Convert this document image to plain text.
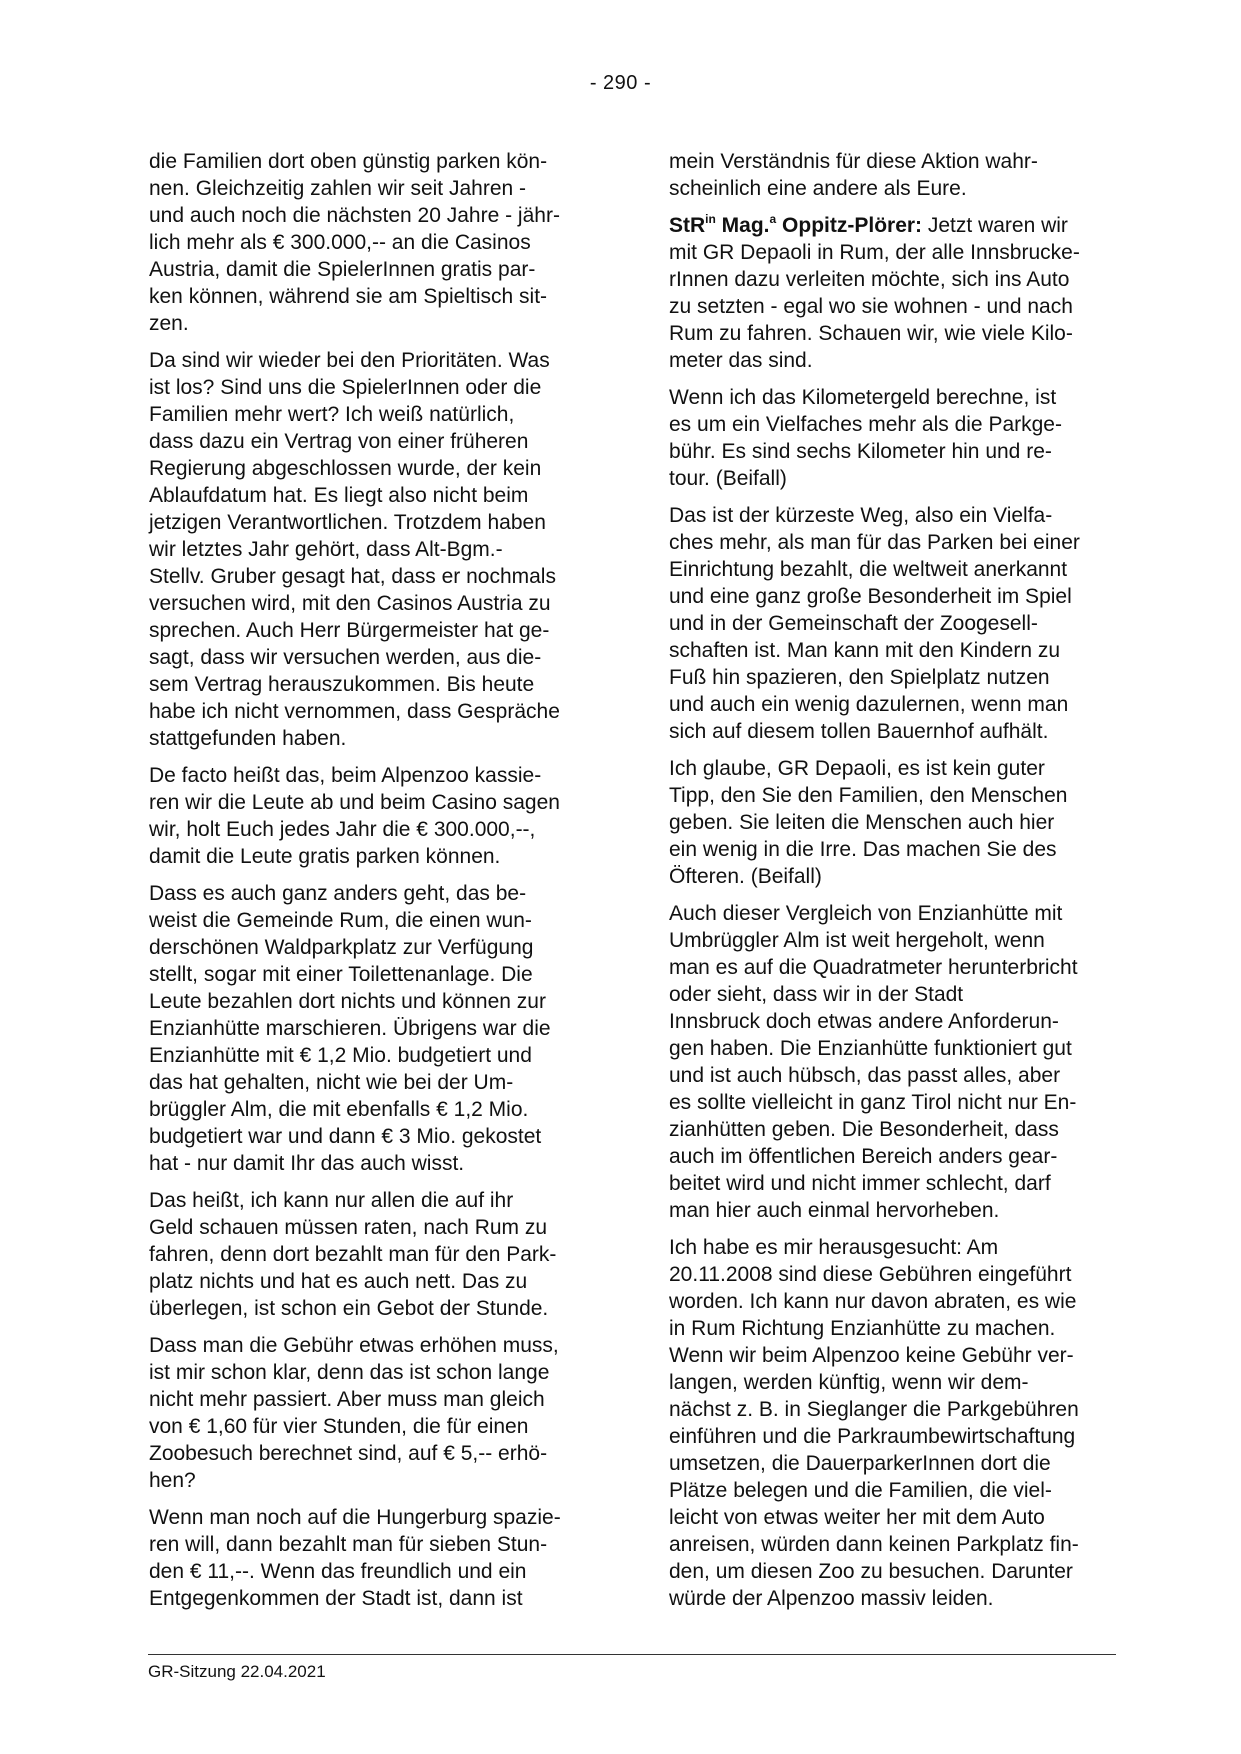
- 290 -

die Familien dort oben günstig parken kön-
nen. Gleichzeitig zahlen wir seit Jahren -
und auch noch die nächsten 20 Jahre - jähr-
lich mehr als € 300.000,-- an die Casinos
Austria, damit die SpielerInnen gratis par-
ken können, während sie am Spieltisch sit-
zen.

Da sind wir wieder bei den Prioritäten. Was
ist los? Sind uns die SpielerInnen oder die
Familien mehr wert? Ich weiß natürlich,
dass dazu ein Vertrag von einer früheren
Regierung abgeschlossen wurde, der kein
Ablaufdatum hat. Es liegt also nicht beim
jetzigen Verantwortlichen. Trotzdem haben
wir letztes Jahr gehört, dass Alt-Bgm.-
Stellv. Gruber gesagt hat, dass er nochmals
versuchen wird, mit den Casinos Austria zu
sprechen. Auch Herr Bürgermeister hat ge-
sagt, dass wir versuchen werden, aus die-
sem Vertrag herauszukommen. Bis heute
habe ich nicht vernommen, dass Gespräche
stattgefunden haben.

De facto heißt das, beim Alpenzoo kassie-
ren wir die Leute ab und beim Casino sagen
wir, holt Euch jedes Jahr die € 300.000,--,
damit die Leute gratis parken können.

Dass es auch ganz anders geht, das be-
weist die Gemeinde Rum, die einen wun-
derschönen Waldparkplatz zur Verfügung
stellt, sogar mit einer Toilettenanlage. Die
Leute bezahlen dort nichts und können zur
Enzianhütte marschieren. Übrigens war die
Enzianhütte mit € 1,2 Mio. budgetiert und
das hat gehalten, nicht wie bei der Um-
brüggler Alm, die mit ebenfalls € 1,2 Mio.
budgetiert war und dann € 3 Mio. gekostet
hat - nur damit Ihr das auch wisst.

Das heißt, ich kann nur allen die auf ihr
Geld schauen müssen raten, nach Rum zu
fahren, denn dort bezahlt man für den Park-
platz nichts und hat es auch nett. Das zu
überlegen, ist schon ein Gebot der Stunde.

Dass man die Gebühr etwas erhöhen muss,
ist mir schon klar, denn das ist schon lange
nicht mehr passiert. Aber muss man gleich
von € 1,60 für vier Stunden, die für einen
Zoobesuch berechnet sind, auf € 5,-- erhö-
hen?

Wenn man noch auf die Hungerburg spazie-
ren will, dann bezahlt man für sieben Stun-
den € 11,--. Wenn das freundlich und ein
Entgegenkommen der Stadt ist, dann ist

mein Verständnis für diese Aktion wahr-
scheinlich eine andere als Eure.

StR$^{in}$ Mag.$^a$ Oppitz-Plörer: Jetzt waren wir
mit GR Depaoli in Rum, der alle Innsbrucke-
rInnen dazu verleiten möchte, sich ins Auto
zu setzten - egal wo sie wohnen - und nach
Rum zu fahren. Schauen wir, wie viele Kilo-
meter das sind.

Wenn ich das Kilometergeld berechne, ist
es um ein Vielfaches mehr als die Parkge-
bühr. Es sind sechs Kilometer hin und re-
tour. (Beifall)

Das ist der kürzeste Weg, also ein Vielfa-
ches mehr, als man für das Parken bei einer
Einrichtung bezahlt, die weltweit anerkannt
und eine ganz große Besonderheit im Spiel
und in der Gemeinschaft der Zoogesell-
schaften ist. Man kann mit den Kindern zu
Fuß hin spazieren, den Spielplatz nutzen
und auch ein wenig dazulernen, wenn man
sich auf diesem tollen Bauernhof aufhält.

Ich glaube, GR Depaoli, es ist kein guter
Tipp, den Sie den Familien, den Menschen
geben. Sie leiten die Menschen auch hier
ein wenig in die Irre. Das machen Sie des
Öfteren. (Beifall)

Auch dieser Vergleich von Enzianhütte mit
Umbrüggler Alm ist weit hergeholt, wenn
man es auf die Quadratmeter herunterbricht
oder sieht, dass wir in der Stadt
Innsbruck doch etwas andere Anforderun-
gen haben. Die Enzianhütte funktioniert gut
und ist auch hübsch, das passt alles, aber
es sollte vielleicht in ganz Tirol nicht nur En-
zianhütten geben. Die Besonderheit, dass
auch im öffentlichen Bereich anders gear-
beitet wird und nicht immer schlecht, darf
man hier auch einmal hervorheben.

Ich habe es mir herausgesucht: Am
20.11.2008 sind diese Gebühren eingeführt
worden. Ich kann nur davon abraten, es wie
in Rum Richtung Enzianhütte zu machen.
Wenn wir beim Alpenzoo keine Gebühr ver-
langen, werden künftig, wenn wir dem-
nächst z. B. in Sieglanger die Parkgebühren
einführen und die Parkraumbewirtschaftung
umsetzen, die DauerparkerInnen dort die
Plätze belegen und die Familien, die viel-
leicht von etwas weiter her mit dem Auto
anreisen, würden dann keinen Parkplatz fin-
den, um diesen Zoo zu besuchen. Darunter
würde der Alpenzoo massiv leiden.

GR-Sitzung 22.04.2021
